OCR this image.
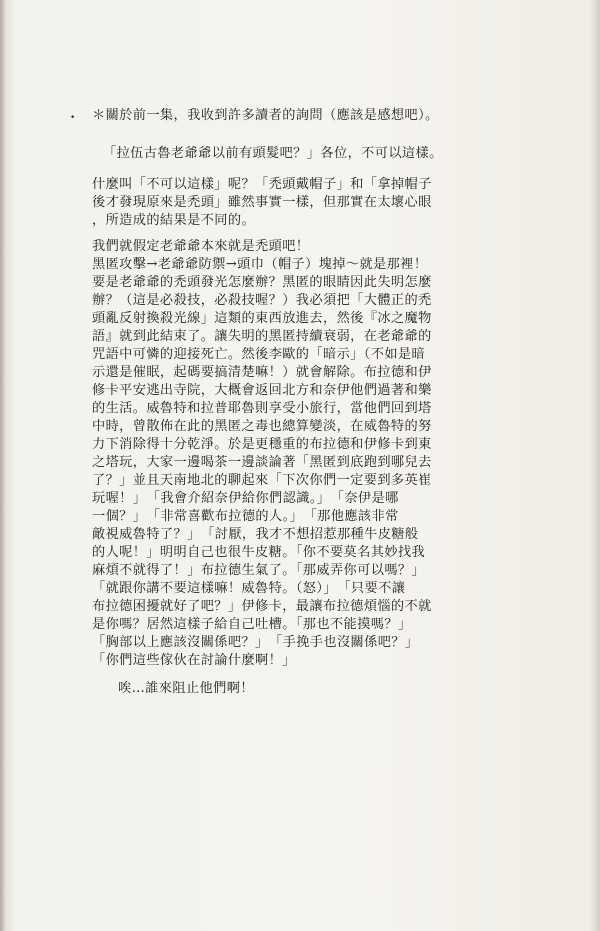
• ＊關於前一集，我收到許多讀者的詢問（應該是感想吧）。
「拉伍古魯老爺爺以前有頭髮吧？」各位，不可以這樣。
什麼叫「不可以這樣」呢？「禿頭戴帽子」和「拿掉帽子
後才發現原來是禿頭」雖然事實一樣，但那實在太壞心眼
，所造成的結果是不同的。
我們就假定老爺爺本來就是禿頭吧！
黑匿攻擊→老爺爺防禦→頭巾（帽子）塊掉～就是那裡！
要是老爺爺的禿頭發光怎麼辦？黑匿的眼睛因此失明怎麼
辦？（這是必殺技，必殺技喔？）我必須把「大體正的禿
頭亂反射換殺光線」這類的東西放進去，然後『冰之魔物
語』就到此結束了。讓失明的黑匿持續衰弱，在老爺爺的
咒語中可憐的迎接死亡。然後李歐的「暗示」（不如是暗
示還是催眠，起碼要搞清楚嘛！）就會解除。布拉德和伊
修卡平安逃出寺院，大概會返回北方和奈伊他們過著和樂
的生活。威魯特和拉普耶魯則享受小旅行，當他們回到塔
中時，曾散佈在此的黑匿之毒也總算變淡，在威魯特的努
力下消除得十分乾淨。於是更穩重的布拉德和伊修卡到東
之塔玩，大家一邊喝茶一邊談論著「黑匿到底跑到哪兒去
了？」並且天南地北的聊起來「下次你們一定要到多英崔
玩喔！」　「我會介紹奈伊給你們認識。」　「奈伊是哪
一個？」　「非常喜歡布拉德的人。」　「那他應該非常
敵視威魯特了？」　「討厭，我才不想招惹那種牛皮糖般
的人呢！」明明自己也很牛皮糖。「你不要莫名其妙找我
麻煩不就得了！」布拉德生氣了。「那威弄你可以嗎？」
「就跟你講不要這樣嘛！威魯特。（怒）」　「只要不讓
布拉德困擾就好了吧？」伊修卡，最讓布拉德煩惱的不就
是你嗎？居然這樣子給自己吐槽。「那也不能摸嗎？」
「胸部以上應該沒關係吧？」　「手挽手也沒關係吧？」
「你們這些傢伙在討論什麼啊！」
唉…誰來阻止他們啊！
